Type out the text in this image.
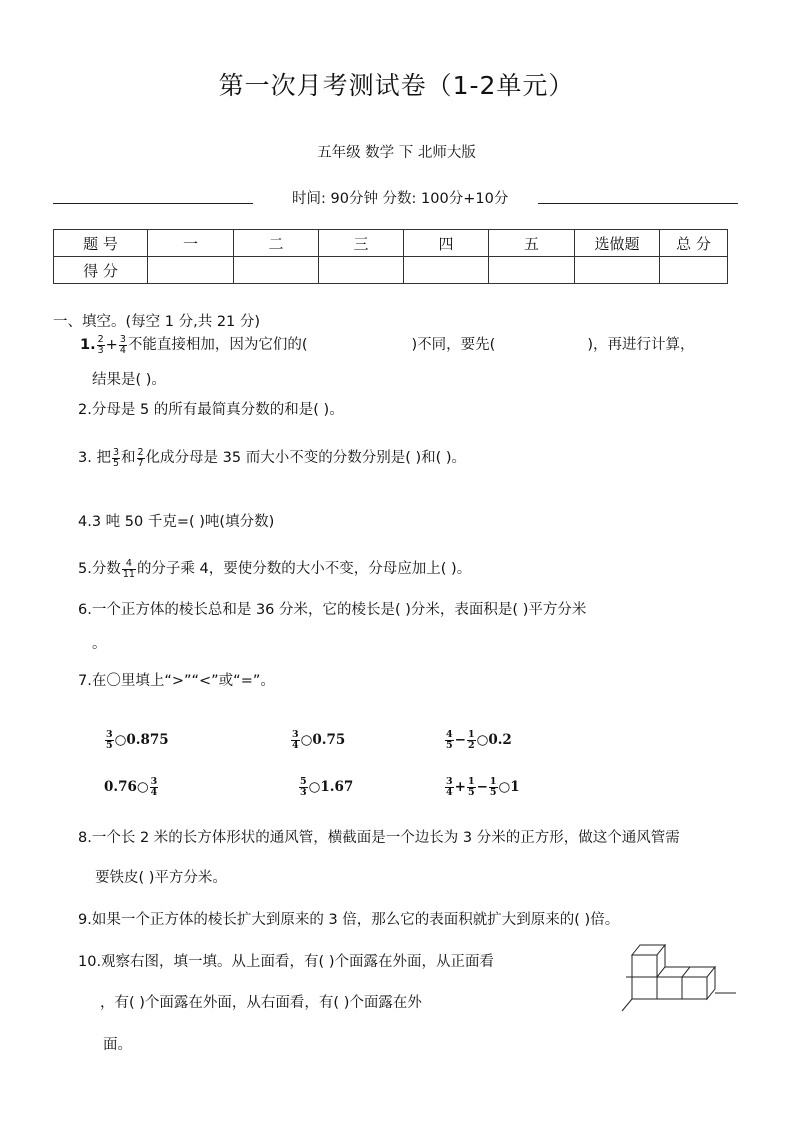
第一次月考测试卷（1-2单元）
五年级 数学 下 北师大版
时间: 90分钟 分数: 100分+10分
题 号	一	二	三	四	五	选做题	总 分
得 分							
一、填空。(每空 1 分,共 21 分)
1. $\frac{2}{3} + \frac{3}{4}$ 不能直接相加，因为它们的(	)不同，要先(	)，再进行计算，
结果是( )。
2.分母是 5 的所有最简真分数的和是( )。
3. 把 $\frac{3}{5}$ 和 $\frac{2}{7}$ 化成分母是 35 而大小不变的分数分别是( )和( )。
4.3 吨 50 千克=( )吨(填分数)
5.分数 $\frac{4}{11}$ 的分子乘 4，要使分数的大小不变，分母应加上( )。
6.一个正方体的棱长总和是 36 分米，它的棱长是( )分米，表面积是( )平方分米
。
7.在〇里填上“>”“<”或“=”。
$\frac{3}{5}$ ○0.875	$\frac{3}{4}$ ○0.75	$\frac{4}{5} - \frac{1}{2}$ ○0.2
0.76○ $\frac{3}{4}$	$\frac{5}{3}$ ○1.67	$\frac{3}{4} + \frac{1}{5} - \frac{1}{5}$ ○1
8.一个长 2 米的长方体形状的通风管，横截面是一个边长为 3 分米的正方形，做这个通风管需
要铁皮( )平方分米。
9.如果一个正方体的棱长扩大到原来的 3 倍，那么它的表面积就扩大到原来的( )倍。
10.观察右图，填一填。从上面看，有( )个面露在外面，从正面看
，有( )个面露在外面，从右面看，有( )个面露在外
面。
